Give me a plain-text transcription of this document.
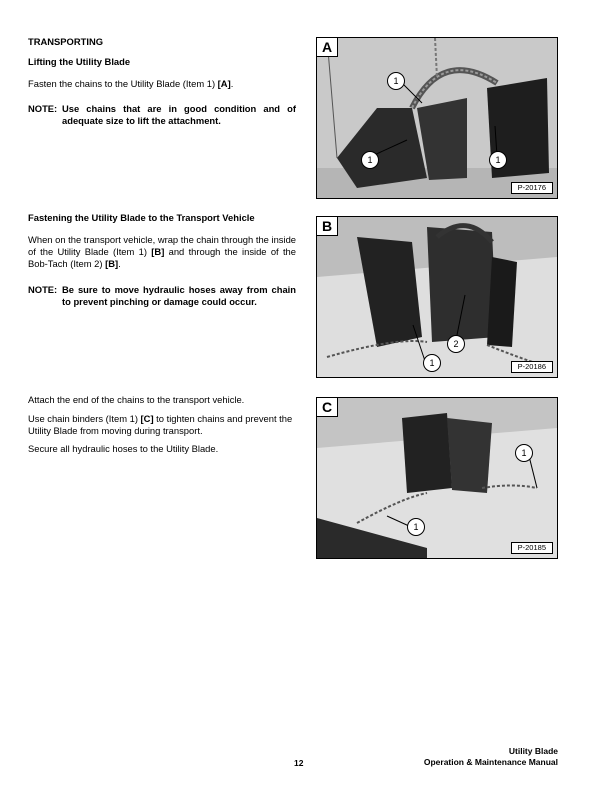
TRANSPORTING
Lifting the Utility Blade
Fasten the chains to the Utility Blade (Item 1) [A].
NOTE: Use chains that are in good condition and of adequate size to lift the attachment.
Fastening the Utility Blade to the Transport Vehicle
When on the transport vehicle, wrap the chain through the inside of the Utility Blade (Item 1) [B] and through the inside of the Bob-Tach (Item 2) [B].
NOTE: Be sure to move hydraulic hoses away from chain to prevent pinching or damage could occur.
Attach the end of the chains to the transport vehicle.
Use chain binders (Item 1) [C] to tighten chains and prevent the Utility Blade from moving during transport.
Secure all hydraulic hoses to the Utility Blade.
A
1
1	1
P-20176
B
1
2
P-20186
C
1
1
P-20185
12
Utility Blade
Operation & Maintenance Manual
